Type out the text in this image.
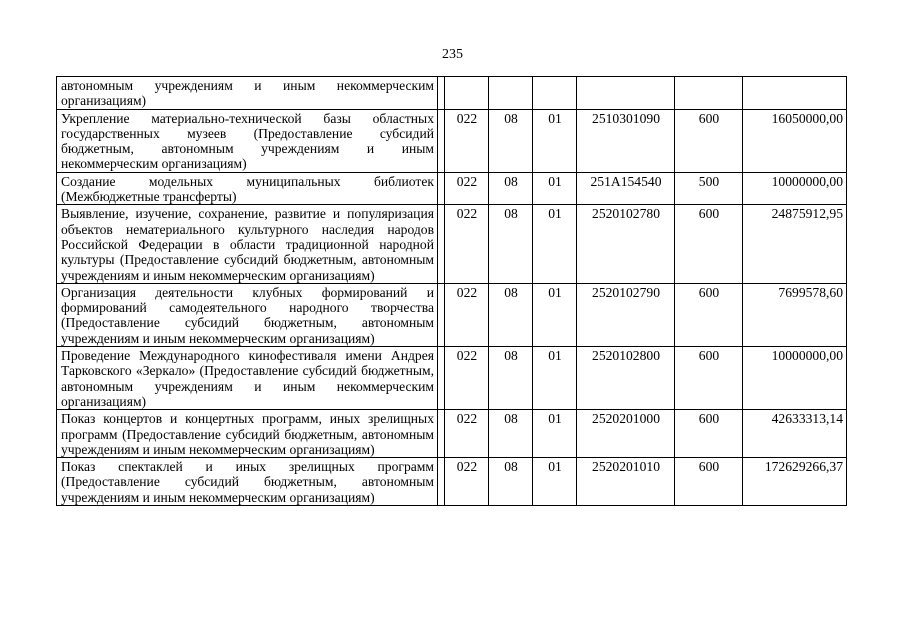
235
автономным учреждениям и иным некоммерческим организациям)							
Укрепление материально-технической базы областных государственных музеев (Предоставление субсидий бюджетным, автономным учреждениям и иным некоммерческим организациям)		022	08	01	2510301090	600	16050000,00
Создание модельных муниципальных библиотек (Межбюджетные трансферты)		022	08	01	251A154540	500	10000000,00
Выявление, изучение, сохранение, развитие и популяризация объектов нематериального культурного наследия народов Российской Федерации в области традиционной народной культуры (Предоставление субсидий бюджетным, автономным учреждениям и иным некоммерческим организациям)		022	08	01	2520102780	600	24875912,95
Организация деятельности клубных формирований и формирований самодеятельного народного творчества (Предоставление субсидий бюджетным, автономным учреждениям и иным некоммерческим организациям)		022	08	01	2520102790	600	7699578,60
Проведение Международного кинофестиваля имени Андрея Тарковского «Зеркало» (Предоставление субсидий бюджетным, автономным учреждениям и иным некоммерческим организациям)		022	08	01	2520102800	600	10000000,00
Показ концертов и концертных программ, иных зрелищных программ (Предоставление субсидий бюджетным, автономным учреждениям и иным некоммерческим организациям)		022	08	01	2520201000	600	42633313,14
Показ спектаклей и иных зрелищных программ (Предоставление субсидий бюджетным, автономным учреждениям и иным некоммерческим организациям)		022	08	01	2520201010	600	172629266,37
